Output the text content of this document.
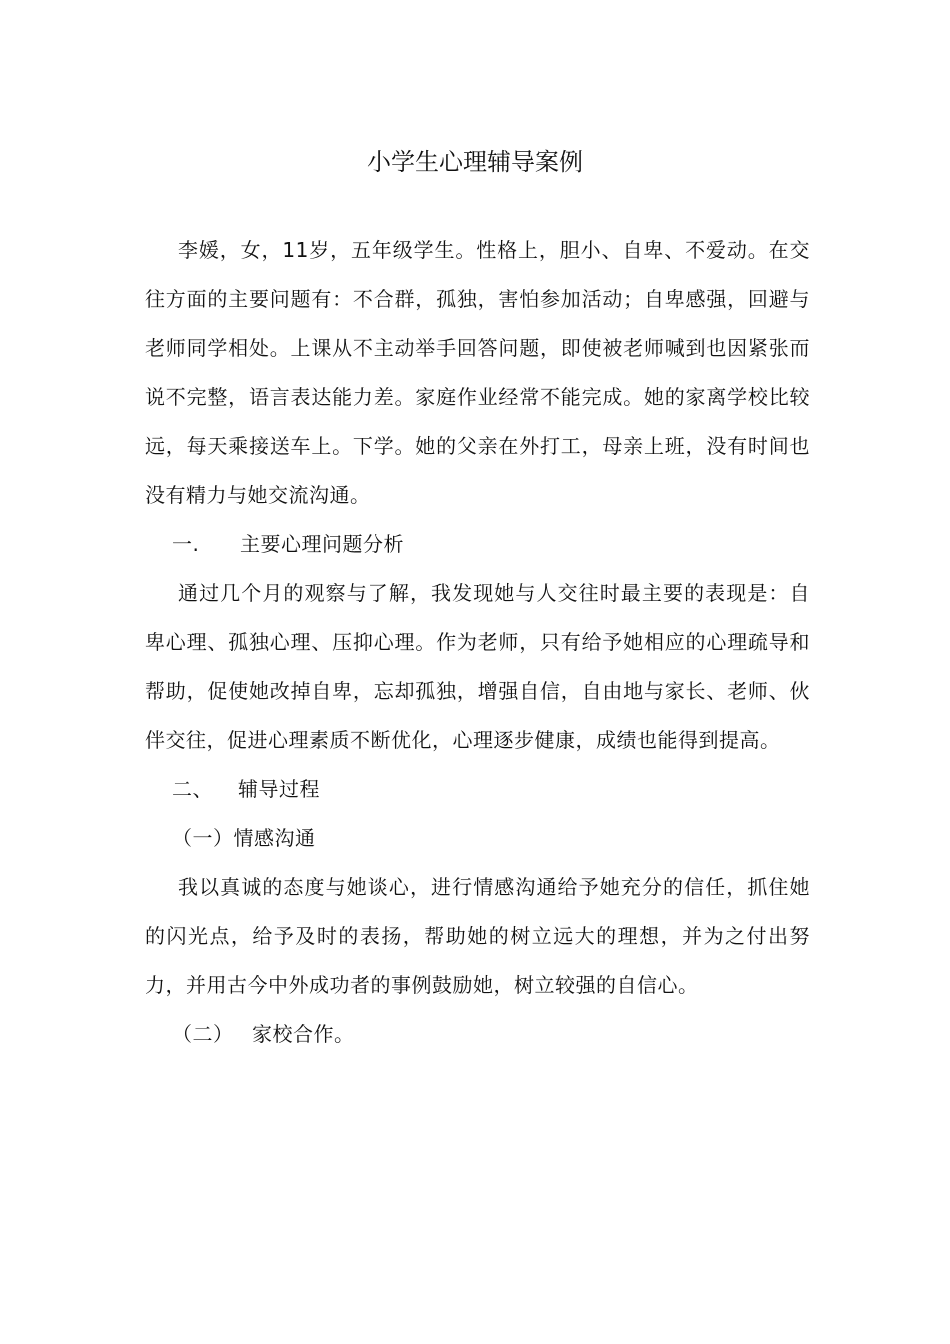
小学生心理辅导案例

李媛，女，11岁，五年级学生。性格上，胆小、自卑、不爱动。在交往方面的主要问题有：不合群，孤独，害怕参加活动；自卑感强，回避与老师同学相处。上课从不主动举手回答问题，即使被老师喊到也因紧张而说不完整，语言表达能力差。家庭作业经常不能完成。她的家离学校比较远，每天乘接送车上。下学。她的父亲在外打工，母亲上班，没有时间也没有精力与她交流沟通。

一. 主要心理问题分析

通过几个月的观察与了解，我发现她与人交往时最主要的表现是：自卑心理、孤独心理、压抑心理。作为老师，只有给予她相应的心理疏导和帮助，促使她改掉自卑，忘却孤独，增强自信，自由地与家长、老师、伙伴交往，促进心理素质不断优化，心理逐步健康，成绩也能得到提高。

二、 辅导过程

（一）情感沟通

我以真诚的态度与她谈心，进行情感沟通给予她充分的信任，抓住她的闪光点，给予及时的表扬，帮助她的树立远大的理想，并为之付出努力，并用古今中外成功者的事例鼓励她，树立较强的自信心。

（二） 家校合作。
